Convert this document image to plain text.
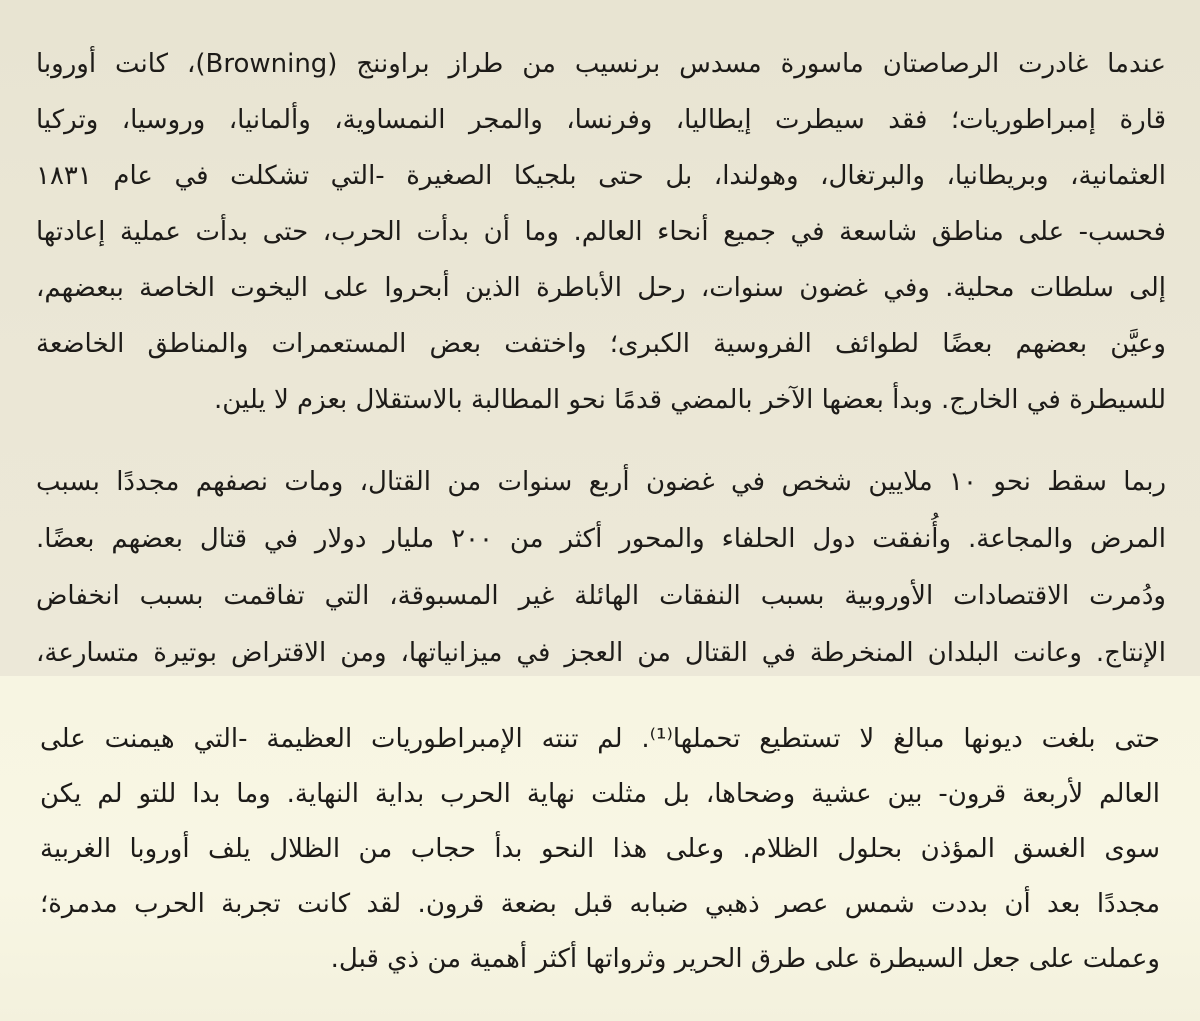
عندما غادرت الرصاصتان ماسورة مسدس برنسيب من طراز براوننج (Browning)، كانت أوروبا
قارة إمبراطوريات؛ فقد سيطرت إيطاليا، وفرنسا، والمجر النمساوية، وألمانيا، وروسيا، وتركيا
العثمانية، وبريطانيا، والبرتغال، وهولندا، بل حتى بلجيكا الصغيرة -التي تشكلت في عام ١٨٣١
فحسب- على مناطق شاسعة في جميع أنحاء العالم. وما أن بدأت الحرب، حتى بدأت عملية إعادتها
إلى سلطات محلية. وفي غضون سنوات، رحل الأباطرة الذين أبحروا على اليخوت الخاصة ببعضهم،
وعيَّن بعضهم بعضًا لطوائف الفروسية الكبرى؛ واختفت بعض المستعمرات والمناطق الخاضعة
للسيطرة في الخارج. وبدأ بعضها الآخر بالمضي قدمًا نحو المطالبة بالاستقلال بعزم لا يلين.
ربما سقط نحو ١٠ ملايين شخص في غضون أربع سنوات من القتال، ومات نصفهم مجددًا بسبب
المرض والمجاعة. وأُنفقت دول الحلفاء والمحور أكثر من ٢٠٠ مليار دولار في قتال بعضهم بعضًا.
ودُمرت الاقتصادات الأوروبية بسبب النفقات الهائلة غير المسبوقة، التي تفاقمت بسبب انخفاض
الإنتاج. وعانت البلدان المنخرطة في القتال من العجز في ميزانياتها، ومن الاقتراض بوتيرة متسارعة،
حتى بلغت ديونها مبالغ لا تستطيع تحملها⁽¹⁾. لم تنته الإمبراطوريات العظيمة -التي هيمنت على
العالم لأربعة قرون- بين عشية وضحاها، بل مثلت نهاية الحرب بداية النهاية. وما بدا للتو لم يكن
سوى الغسق المؤذن بحلول الظلام. وعلى هذا النحو بدأ حجاب من الظلال يلف أوروبا الغربية
مجددًا بعد أن بددت شمس عصر ذهبي ضبابه قبل بضعة قرون. لقد كانت تجربة الحرب مدمرة؛
وعملت على جعل السيطرة على طرق الحرير وثرواتها أكثر أهمية من ذي قبل.
